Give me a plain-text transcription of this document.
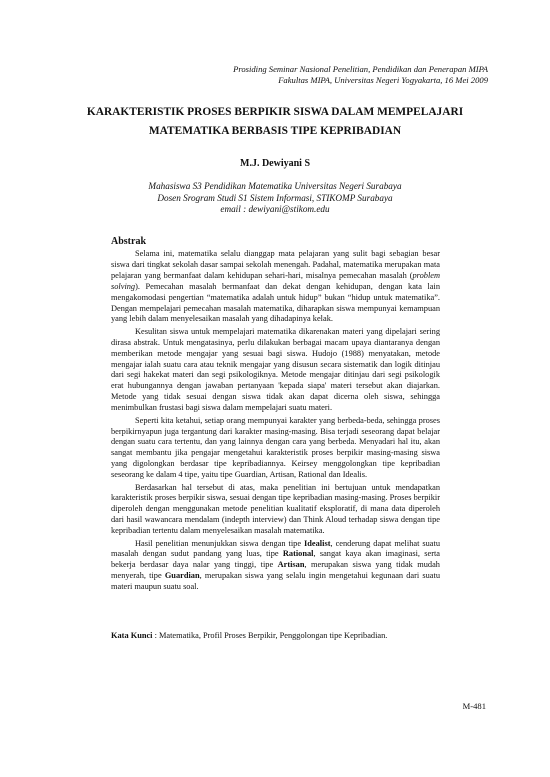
Prosiding Seminar Nasional Penelitian, Pendidikan dan Penerapan MIPA
Fakultas MIPA, Universitas Negeri Yogyakarta, 16 Mei 2009
KARAKTERISTIK PROSES BERPIKIR SISWA DALAM MEMPELAJARI
MATEMATIKA BERBASIS TIPE KEPRIBADIAN
M.J. Dewiyani S
Mahasiswa S3 Pendidikan Matematika Universitas Negeri Surabaya
Dosen Srogram Studi S1 Sistem Informasi, STIKOMP Surabaya
email : dewiyani@stikom.edu
Abstrak

Selama ini, matematika selalu dianggap mata pelajaran yang sulit bagi sebagian besar siswa dari tingkat sekolah dasar sampai sekolah menengah. Padahal, matematika merupakan mata pelajaran yang bermanfaat dalam kehidupan sehari-hari, misalnya pemecahan masalah (problem solving). Pemecahan masalah bermanfaat dan dekat dengan kehidupan, dengan kata lain mengakomodasi pengertian “matematika adalah untuk hidup” bukan “hidup untuk matematika”. Dengan mempelajari pemecahan masalah matematika, diharapkan siswa mempunyai kemampuan yang lebih dalam menyelesaikan masalah yang dihadapinya kelak.

Kesulitan siswa untuk mempelajari matematika dikarenakan materi yang dipelajari sering dirasa abstrak. Untuk mengatasinya, perlu dilakukan berbagai macam upaya diantaranya dengan memberikan metode mengajar yang sesuai bagi siswa. Hudojo (1988) menyatakan, metode mengajar ialah suatu cara atau teknik mengajar yang disusun secara sistematik dan logik ditinjau dari segi hakekat materi dan segi psikologiknya. Metode mengajar ditinjau dari segi psikologik erat hubungannya dengan jawaban pertanyaan 'kepada siapa' materi tersebut akan diajarkan. Metode yang tidak sesuai dengan siswa tidak akan dapat dicerna oleh siswa, sehingga menimbulkan frustasi bagi siswa dalam mempelajari suatu materi.

Seperti kita ketahui, setiap orang mempunyai karakter yang berbeda-beda, sehingga proses berpikirnyapun juga tergantung dari karakter masing-masing. Bisa terjadi seseorang dapat belajar dengan suatu cara tertentu, dan yang lainnya dengan cara yang berbeda. Menyadari hal itu, akan sangat membantu jika pengajar mengetahui karakteristik proses berpikir masing-masing siswa yang digolongkan berdasar tipe kepribadiannya. Keirsey menggolongkan tipe kepribadian seseorang ke dalam 4 tipe, yaitu tipe Guardian, Artisan, Rational dan Idealis.

Berdasarkan hal tersebut di atas, maka penelitian ini bertujuan untuk mendapatkan karakteristik proses berpikir siswa, sesuai dengan tipe kepribadian masing-masing. Proses berpikir diperoleh dengan menggunakan metode penelitian kualitatif eksploratif, di mana data diperoleh dari hasil wawancara mendalam (indepth interview) dan Think Aloud terhadap siswa dengan tipe kepribadian tertentu dalam menyelesaikan masalah matematika.

Hasil penelitian menunjukkan siswa dengan tipe Idealist, cenderung dapat melihat suatu masalah dengan sudut pandang yang luas, tipe Rational, sangat kaya akan imaginasi, serta bekerja berdasar daya nalar yang tinggi, tipe Artisan, merupakan siswa yang tidak mudah menyerah, tipe Guardian, merupakan siswa yang selalu ingin mengetahui kegunaan dari suatu materi maupun suatu soal.

Kata Kunci : Matematika, Profil Proses Berpikir, Penggolongan tipe Kepribadian.
M-481
